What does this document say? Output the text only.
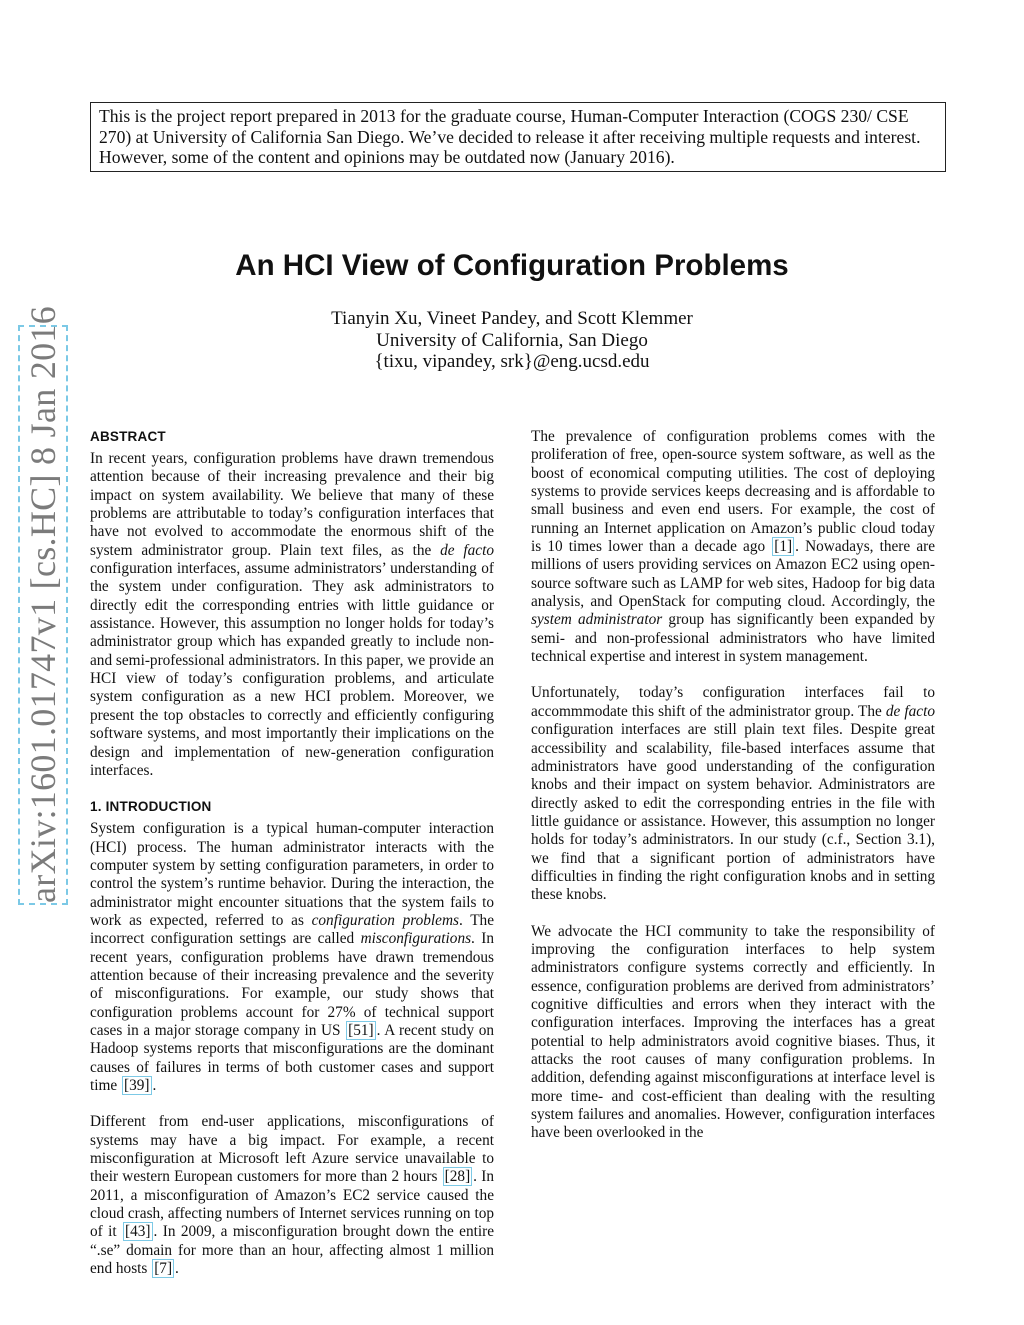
This is the project report prepared in 2013 for the graduate course, Human-Computer Interaction (COGS 230/ CSE 270) at University of California San Diego. We’ve decided to release it after receiving multiple requests and interest. However, some of the content and opinions may be outdated now (January 2016).
arXiv:1601.01747v1 [cs.HC] 8 Jan 2016
An HCI View of Configuration Problems
Tianyin Xu, Vineet Pandey, and Scott Klemmer
University of California, San Diego
{tixu, vipandey, srk}@eng.ucsd.edu
ABSTRACT

In recent years, configuration problems have drawn tremendous attention because of their increasing prevalence and their big impact on system availability. We believe that many of these problems are attributable to today’s configuration interfaces that have not evolved to accommodate the enormous shift of the system administrator group. Plain text files, as the de facto configuration interfaces, assume administrators’ understanding of the system under configuration. They ask administrators to directly edit the corresponding entries with little guidance or assistance. However, this assumption no longer holds for today’s administrator group which has expanded greatly to include non- and semi-professional administrators. In this paper, we provide an HCI view of today’s configuration problems, and articulate system configuration as a new HCI problem. Moreover, we present the top obstacles to correctly and efficiently configuring software systems, and most importantly their implications on the design and implementation of new-generation configuration interfaces.

1. INTRODUCTION

System configuration is a typical human-computer interaction (HCI) process. The human administrator interacts with the computer system by setting configuration parameters, in order to control the system’s runtime behavior. During the interaction, the administrator might encounter situations that the system fails to work as expected, referred to as configuration problems. The incorrect configuration settings are called misconfigurations. In recent years, configuration problems have drawn tremendous attention because of their increasing prevalence and the severity of misconfigurations. For example, our study shows that configuration problems account for 27% of technical support cases in a major storage company in US [51] . A recent study on Hadoop systems reports that misconfigurations are the dominant causes of failures in terms of both customer cases and support time [39] .

Different from end-user applications, misconfigurations of systems may have a big impact. For example, a recent misconfiguration at Microsoft left Azure service unavailable to their western European customers for more than 2 hours [28] . In 2011, a misconfiguration of Amazon’s EC2 service caused the cloud crash, affecting numbers of Internet services running on top of it [43] . In 2009, a misconfiguration brought down the entire “.se” domain for more than an hour, affecting almost 1 million end hosts [7] .

The prevalence of configuration problems comes with the proliferation of free, open-source system software, as well as the boost of economical computing utilities. The cost of deploying systems to provide services keeps decreasing and is affordable to small business and even end users. For example, the cost of running an Internet application on Amazon’s public cloud today is 10 times lower than a decade ago [1] . Nowadays, there are millions of users providing services on Amazon EC2 using open-source software such as LAMP for web sites, Hadoop for big data analysis, and OpenStack for computing cloud. Accordingly, the system administrator group has significantly been expanded by semi- and non-professional administrators who have limited technical expertise and interest in system management.

Unfortunately, today’s configuration interfaces fail to accommmodate this shift of the administrator group. The de facto configuration interfaces are still plain text files. Despite great accessibility and scalability, file-based interfaces assume that administrators have good understanding of the configuration knobs and their impact on system behavior. Administrators are directly asked to edit the corresponding entries in the file with little guidance or assistance. However, this assumption no longer holds for today’s administrators. In our study (c.f., Section 3.1), we find that a significant portion of administrators have difficulties in finding the right configuration knobs and in setting these knobs.

We advocate the HCI community to take the responsibility of improving the configuration interfaces to help system administrators configure systems correctly and efficiently. In essence, configuration problems are derived from administrators’ cognitive difficulties and errors when they interact with the configuration interfaces. Improving the interfaces has a great potential to help administrators avoid cognitive biases. Thus, it attacks the root causes of many configuration problems. In addition, defending against misconfigurations at interface level is more time- and cost-efficient than dealing with the resulting system failures and anomalies. However, configuration interfaces have been overlooked in the
